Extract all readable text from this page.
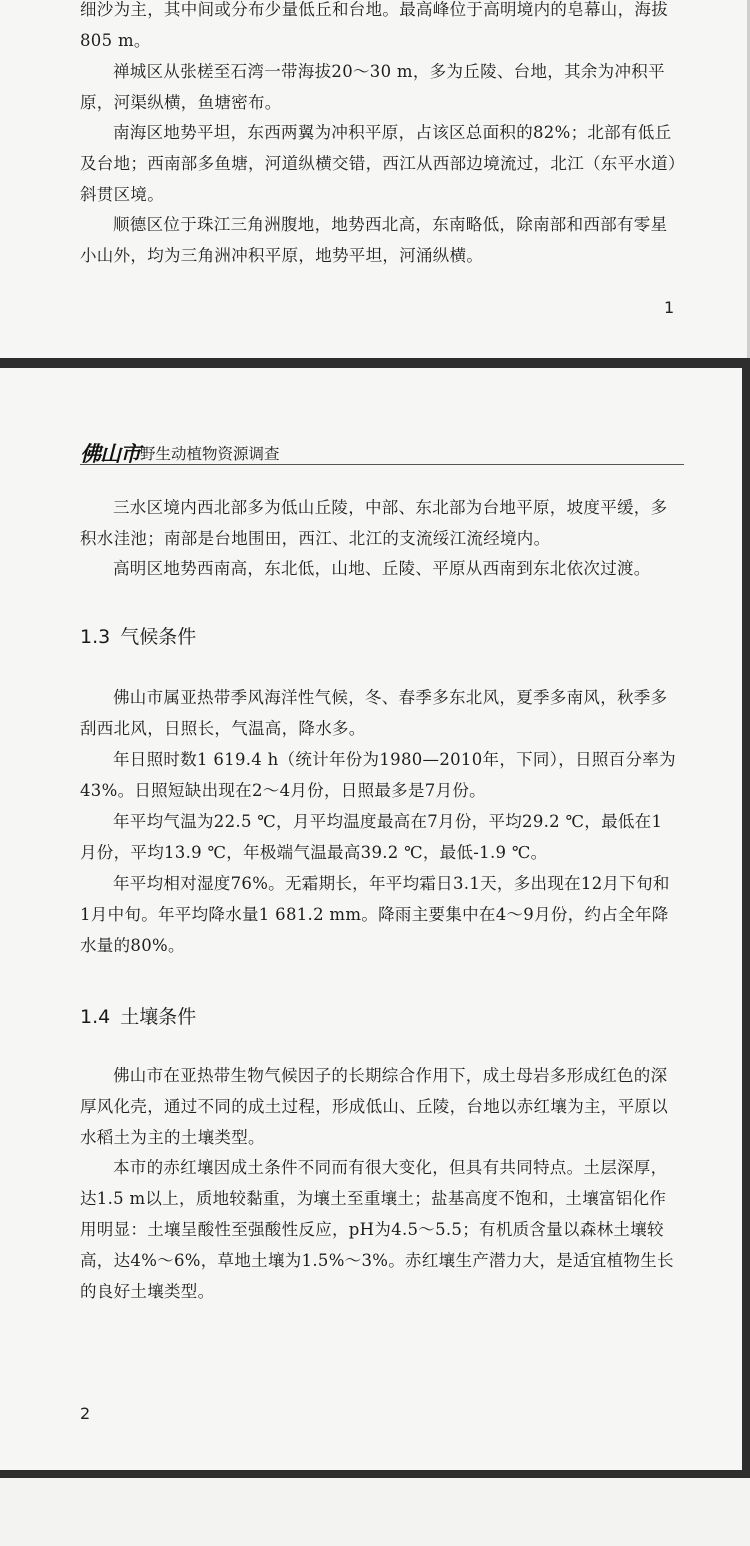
细沙为主，其中间或分布少量低丘和台地。最高峰位于高明境内的皂幕山，海拔805 m。

禅城区从张槎至石湾一带海拔20～30 m，多为丘陵、台地，其余为冲积平原，河渠纵横，鱼塘密布。

南海区地势平坦，东西两翼为冲积平原，占该区总面积的82%；北部有低丘及台地；西南部多鱼塘，河道纵横交错，西江从西部边境流过，北江（东平水道）斜贯区境。

顺德区位于珠江三角洲腹地，地势西北高，东南略低，除南部和西部有零星小山外，均为三角洲冲积平原，地势平坦，河涌纵横。

1
佛山市 野生动植物资源调查

三水区境内西北部多为低山丘陵，中部、东北部为台地平原，坡度平缓，多积水洼池；南部是台地围田，西江、北江的支流绥江流经境内。

高明区地势西南高，东北低，山地、丘陵、平原从西南到东北依次过渡。

1.3 气候条件

佛山市属亚热带季风海洋性气候，冬、春季多东北风，夏季多南风，秋季多刮西北风，日照长，气温高，降水多。

年日照时数1 619.4 h（统计年份为1980—2010年，下同），日照百分率为43%。日照短缺出现在2～4月份，日照最多是7月份。

年平均气温为22.5 ℃，月平均温度最高在7月份，平均29.2 ℃，最低在1月份，平均13.9 ℃，年极端气温最高39.2 ℃，最低-1.9 ℃。

年平均相对湿度76%。无霜期长，年平均霜日3.1天，多出现在12月下旬和1月中旬。年平均降水量1 681.2 mm。降雨主要集中在4～9月份，约占全年降水量的80%。

1.4 土壤条件

佛山市在亚热带生物气候因子的长期综合作用下，成土母岩多形成红色的深厚风化壳，通过不同的成土过程，形成低山、丘陵，台地以赤红壤为主，平原以水稻土为主的土壤类型。

本市的赤红壤因成土条件不同而有很大变化，但具有共同特点。土层深厚，达1.5 m以上，质地较黏重，为壤土至重壤土；盐基高度不饱和，土壤富铝化作用明显：土壤呈酸性至强酸性反应，pH为4.5～5.5；有机质含量以森林土壤较高，达4%～6%，草地土壤为1.5%～3%。赤红壤生产潜力大，是适宜植物生长的良好土壤类型。

2
